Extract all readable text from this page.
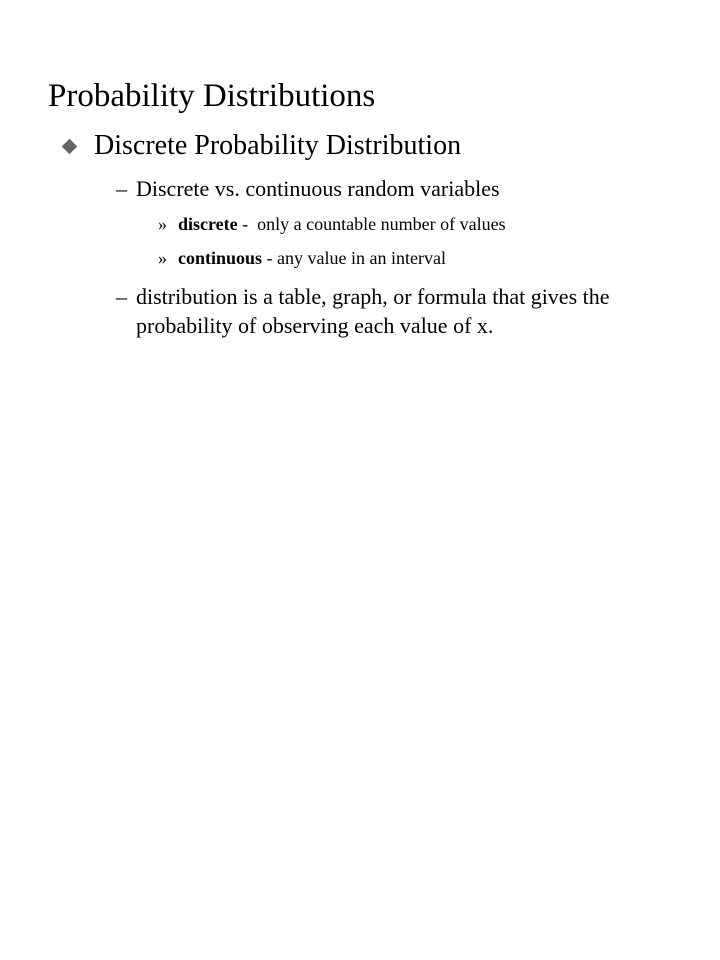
Probability Distributions
Discrete Probability Distribution
– Discrete vs. continuous random variables
» discrete -  only a countable number of values
» continuous - any value in an interval
– distribution is a table, graph, or formula that gives the probability of observing each value of x.
